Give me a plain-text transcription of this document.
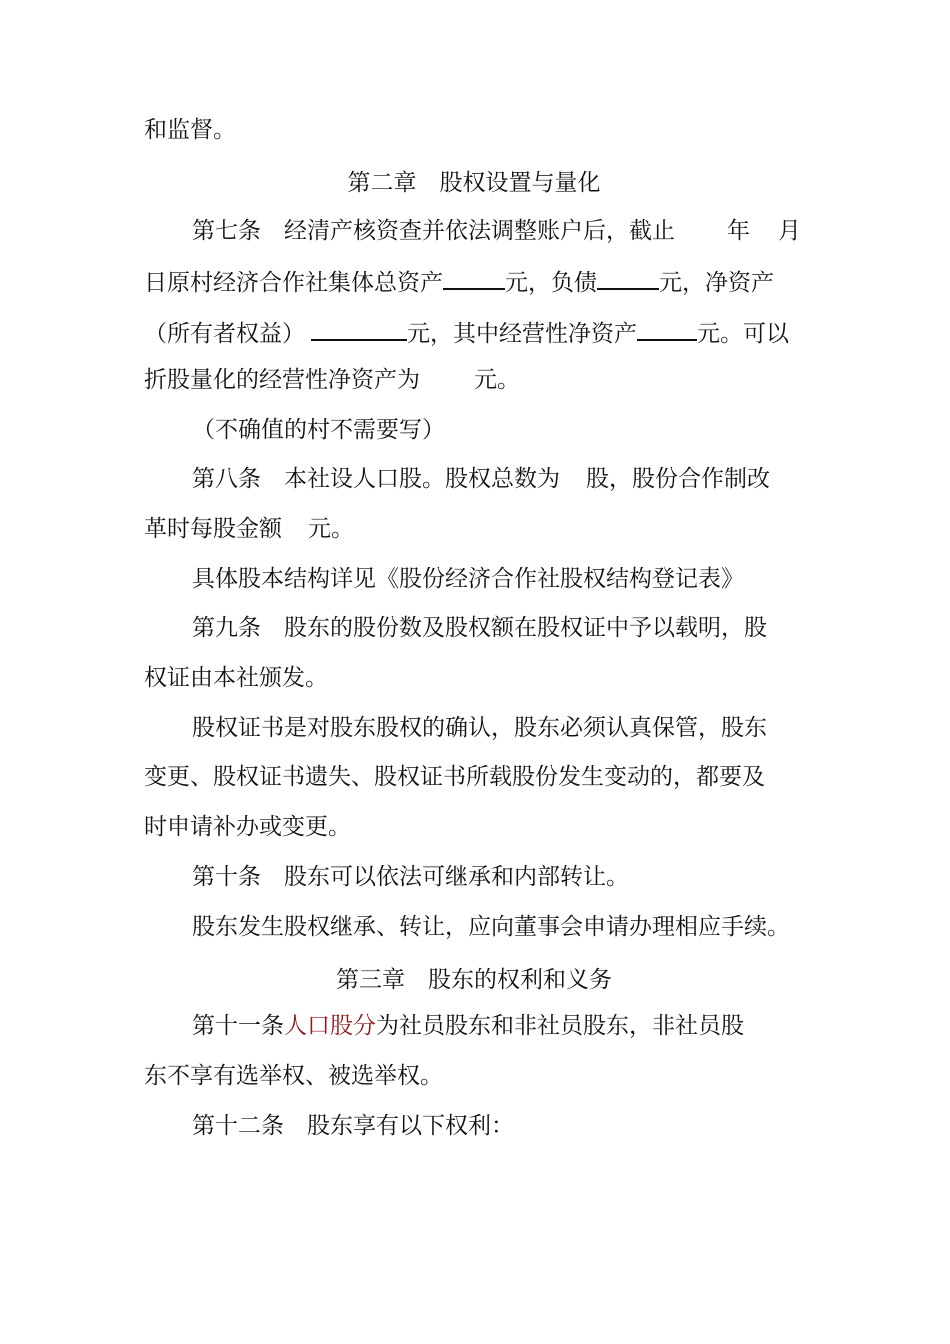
和监督。
第二章　股权设置与量化
第七条　经清产核资查并依法调整账户后，截止 年 月
日原村经济合作社集体总资产	元，负债	元，净资产
（所有者权益）	元，其中经营性净资产	元。可以
折股量化的经营性净资产为 元。
（不确值的村不需要写）
第八条　本社设人口股。股权总数为 股，股份合作制改
革时每股金额 元。
具体股本结构详见《股份经济合作社股权结构登记表》
第九条　股东的股份数及股权额在股权证中予以载明，股
权证由本社颁发。
股权证书是对股东股权的确认，股东必须认真保管，股东
变更、股权证书遗失、股权证书所载股份发生变动的，都要及
时申请补办或变更。
第十条　股东可以依法可继承和内部转让。
股东发生股权继承、转让，应向董事会申请办理相应手续。
第三章　股东的权利和义务
第十一条人口股分为社员股东和非社员股东，非社员股
东不享有选举权、被选举权。
第十二条　股东享有以下权利：
